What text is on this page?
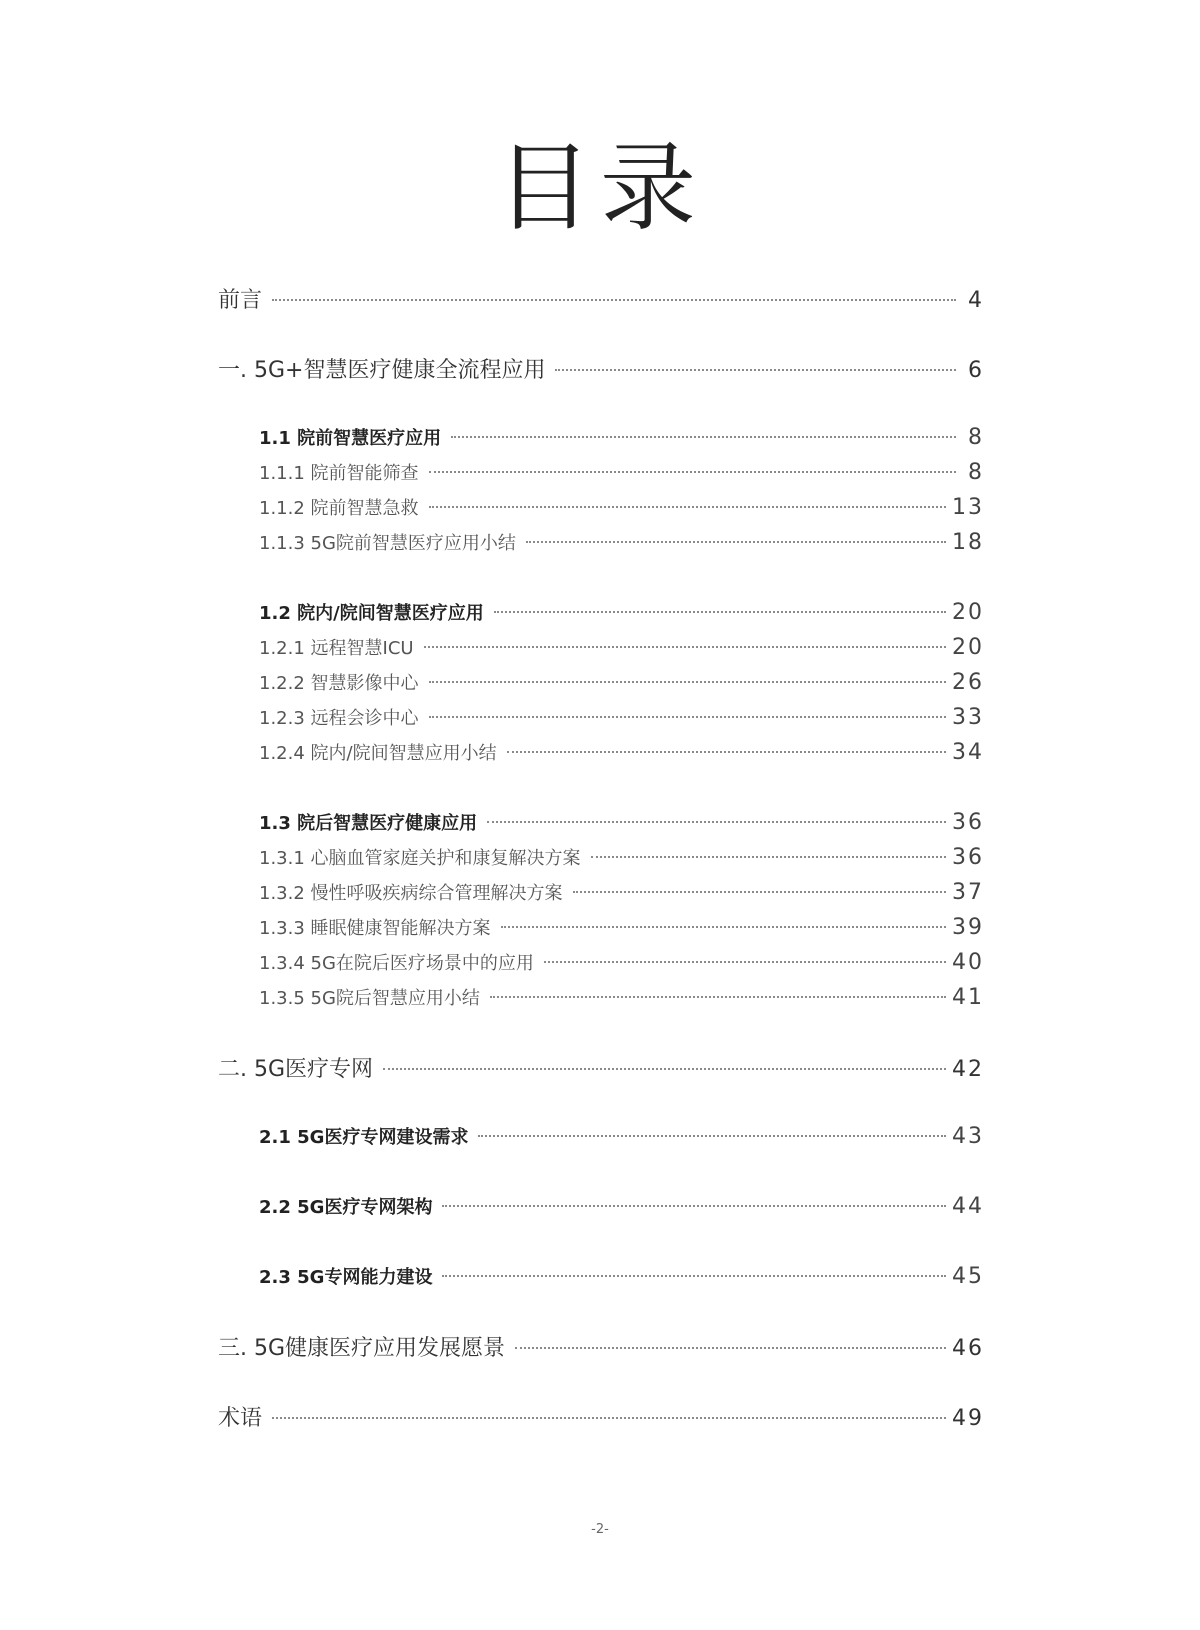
目录
前言	4
一. 5G+智慧医疗健康全流程应用	6
1.1 院前智慧医疗应用	8
1.1.1 院前智能筛查	8
1.1.2 院前智慧急救	13
1.1.3 5G院前智慧医疗应用小结	18
1.2 院内/院间智慧医疗应用	20
1.2.1 远程智慧ICU	20
1.2.2 智慧影像中心	26
1.2.3 远程会诊中心	33
1.2.4 院内/院间智慧应用小结	34
1.3 院后智慧医疗健康应用	36
1.3.1 心脑血管家庭关护和康复解决方案	36
1.3.2 慢性呼吸疾病综合管理解决方案	37
1.3.3 睡眠健康智能解决方案	39
1.3.4 5G在院后医疗场景中的应用	40
1.3.5 5G院后智慧应用小结	41
二. 5G医疗专网	42
2.1 5G医疗专网建设需求	43
2.2 5G医疗专网架构	44
2.3 5G专网能力建设	45
三. 5G健康医疗应用发展愿景	46
术语	49
-2-
